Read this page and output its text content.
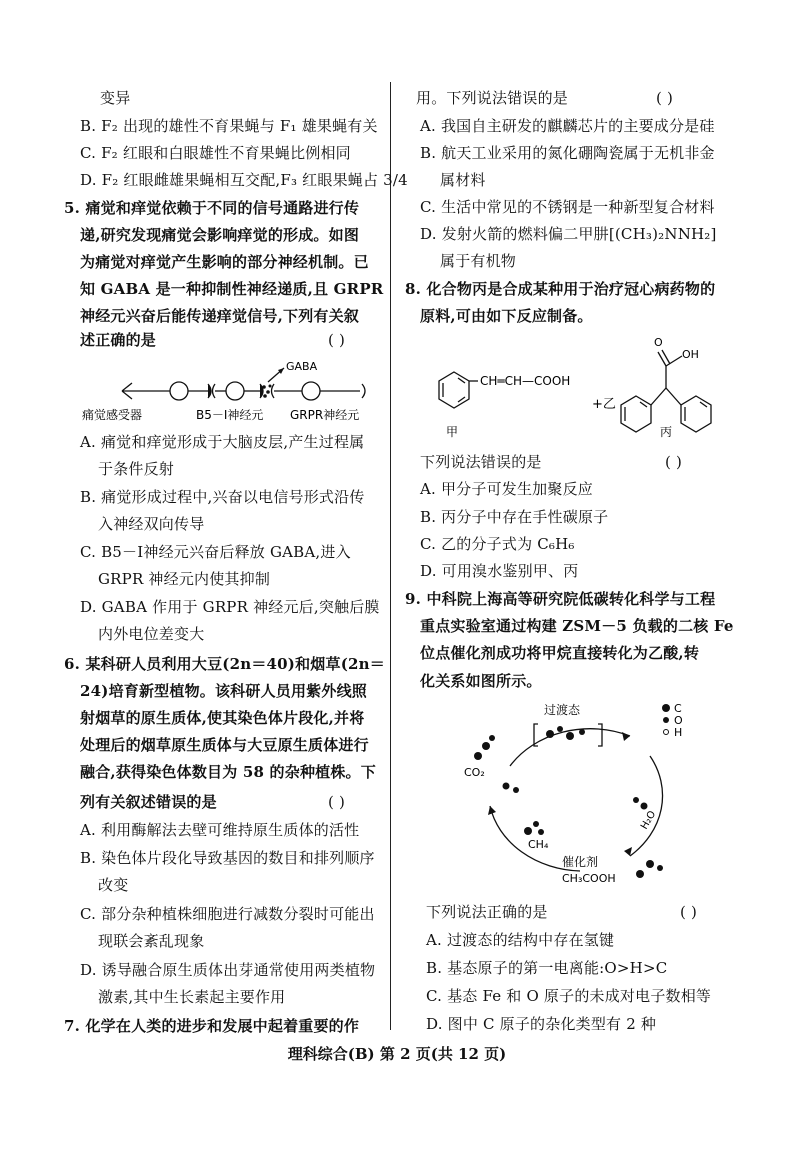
变异
B. F₂ 出现的雄性不育果蝇与 F₁ 雄果蝇有关
C. F₂ 红眼和白眼雄性不育果蝇比例相同
D. F₂ 红眼雌雄果蝇相互交配,F₃ 红眼果蝇占 3/4
5. 痛觉和痒觉依赖于不同的信号通路进行传
递,研究发现痛觉会影响痒觉的形成。如图
为痛觉对痒觉产生影响的部分神经机制。已
知 GABA 是一种抑制性神经递质,且 GRPR
神经元兴奋后能传递痒觉信号,下列有关叙
述正确的是	( )
GABA
痛觉感受器	B5－Ⅰ神经元 GRPR神经元
A. 痛觉和痒觉形成于大脑皮层,产生过程属
于条件反射
B. 痛觉形成过程中,兴奋以电信号形式沿传
入神经双向传导
C. B5－Ⅰ神经元兴奋后释放 GABA,进入
GRPR 神经元内使其抑制
D. GABA 作用于 GRPR 神经元后,突触后膜
内外电位差变大
6. 某科研人员利用大豆(2n＝40)和烟草(2n＝
24)培育新型植物。该科研人员用紫外线照
射烟草的原生质体,使其染色体片段化,并将
处理后的烟草原生质体与大豆原生质体进行
融合,获得染色体数目为 58 的杂种植株。下
列有关叙述错误的是	( )
A. 利用酶解法去壁可维持原生质体的活性
B. 染色体片段化导致基因的数目和排列顺序
改变
C. 部分杂种植株细胞进行减数分裂时可能出
现联会紊乱现象
D. 诱导融合原生质体出芽通常使用两类植物
激素,其中生长素起主要作用
7. 化学在人类的进步和发展中起着重要的作
用。下列说法错误的是	( )
A. 我国自主研发的麒麟芯片的主要成分是硅
B. 航天工业采用的氮化硼陶瓷属于无机非金
属材料
C. 生活中常见的不锈钢是一种新型复合材料
D. 发射火箭的燃料偏二甲肼[(CH₃)₂NNH₂]
属于有机物
8. 化合物丙是合成某种用于治疗冠心病药物的
原料,可由如下反应制备。
CH═CH—COOH
+乙
OH
O
甲	丙
下列说法错误的是	( )
A. 甲分子可发生加聚反应
B. 丙分子中存在手性碳原子
C. 乙的分子式为 C₆H₆
D. 可用溴水鉴别甲、丙
9. 中科院上海高等研究院低碳转化科学与工程
重点实验室通过构建 ZSM－5 负载的二核 Fe
位点催化剂成功将甲烷直接转化为乙酸,转
化关系如图所示。
过渡态
CO₂
CH₄
催化剂
CH₃COOH
H₂O
C
O
H
下列说法正确的是	( )
A. 过渡态的结构中存在氢键
B. 基态原子的第一电离能:O>H>C
C. 基态 Fe 和 O 原子的未成对电子数相等
D. 图中 C 原子的杂化类型有 2 种
理科综合(B) 第 2 页(共 12 页)
